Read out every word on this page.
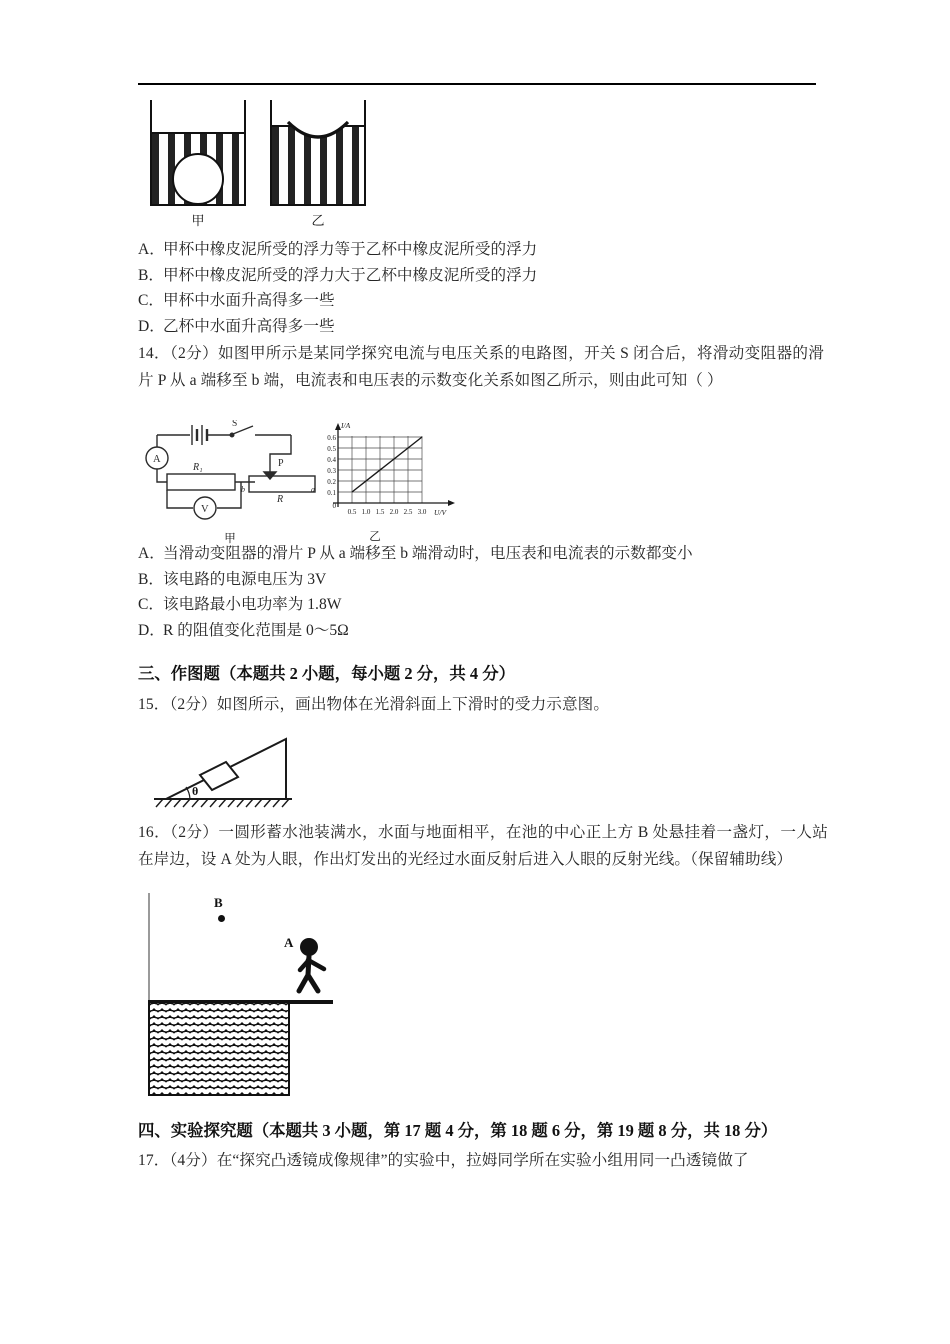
甲	乙
A．甲杯中橡皮泥所受的浮力等于乙杯中橡皮泥所受的浮力
B．甲杯中橡皮泥所受的浮力大于乙杯中橡皮泥所受的浮力
C．甲杯中水面升高得多一些
D．乙杯中水面升高得多一些
14．（2分）如图甲所示是某同学探究电流与电压关系的电路图，开关 S 闭合后，将滑动变阻器的滑片 P 从 a 端移至 b 端，电流表和电压表的示数变化关系如图乙所示，则由此可知（ ）
A
V
R₁
R
P
b	a
S
甲
I/A
U/V
0.1
0.2
0.3
0.4
0.5
0.6
0
0.5 1.0 1.5 2.0 2.5 3.0
乙
A．当滑动变阻器的滑片 P 从 a 端移至 b 端滑动时，电压表和电流表的示数都变小
B．该电路的电源电压为 3V
C．该电路最小电功率为 1.8W
D．R 的阻值变化范围是 0～5Ω
三、作图题（本题共 2 小题，每小题 2 分，共 4 分）
15．（2分）如图所示，画出物体在光滑斜面上下滑时的受力示意图。
θ
16．（2分）一圆形蓄水池装满水，水面与地面相平，在池的中心正上方 B 处悬挂着一盏灯，一人站在岸边，设 A 处为人眼，作出灯发出的光经过水面反射后进入人眼的反射光线。（保留辅助线）
B
A
四、实验探究题（本题共 3 小题，第 17 题 4 分，第 18 题 6 分，第 19 题 8 分，共 18 分）
17．（4分）在“探究凸透镜成像规律”的实验中，拉姆同学所在实验小组用同一凸透镜做了
